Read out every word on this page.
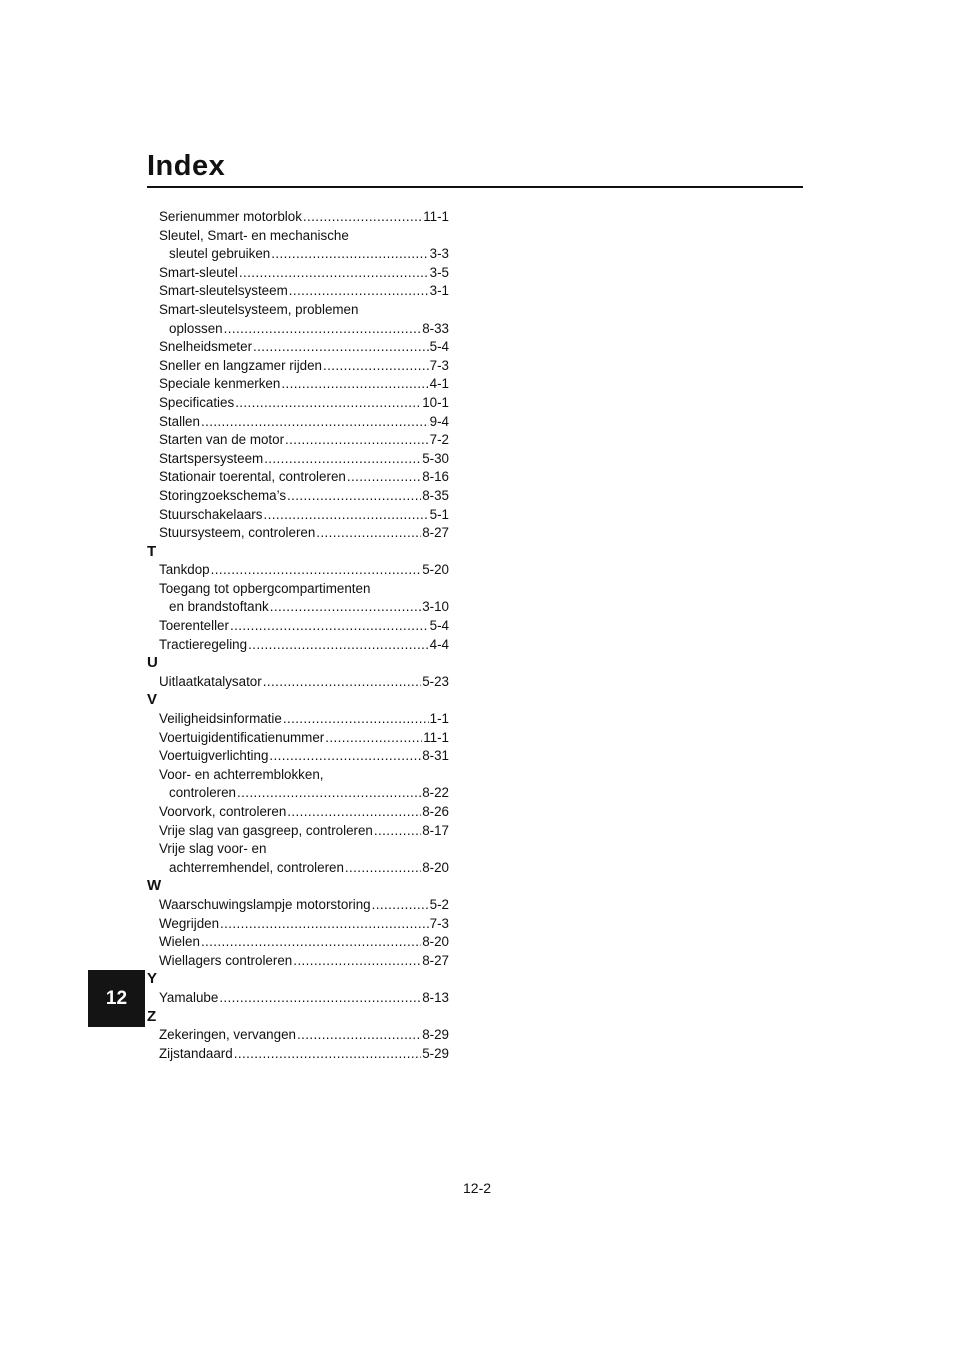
Index
Serienummer motorblok .....	11-1
Sleutel, Smart- en mechanische
sleutel gebruiken .....	3-3
Smart-sleutel .....	3-5
Smart-sleutelsysteem .....	3-1
Smart-sleutelsysteem, problemen
oplossen .....	8-33
Snelheidsmeter .....	5-4
Sneller en langzamer rijden .....	7-3
Speciale kenmerken .....	4-1
Specificaties .....	10-1
Stallen .....	9-4
Starten van de motor .....	7-2
Startspersysteem .....	5-30
Stationair toerental, controleren .....	8-16
Storingzoekschema’s .....	8-35
Stuurschakelaars .....	5-1
Stuursysteem, controleren .....	8-27
T
Tankdop .....	5-20
Toegang tot opbergcompartimenten
en brandstoftank .....	3-10
Toerenteller .....	5-4
Tractieregeling .....	4-4
U
Uitlaatkatalysator .....	5-23
V
Veiligheidsinformatie .....	1-1
Voertuigidentificatienummer .....	11-1
Voertuigverlichting .....	8-31
Voor- en achterremblokken,
controleren .....	8-22
Voorvork, controleren .....	8-26
Vrije slag van gasgreep, controleren .....	8-17
Vrije slag voor- en
achterremhendel, controleren .....	8-20
W
Waarschuwingslampje motorstoring .....	5-2
Wegrijden .....	7-3
Wielen .....	8-20
Wiellagers controleren .....	8-27
Y
Yamalube .....	8-13
Z
Zekeringen, vervangen .....	8-29
Zijstandaard .....	5-29
12
12-2
